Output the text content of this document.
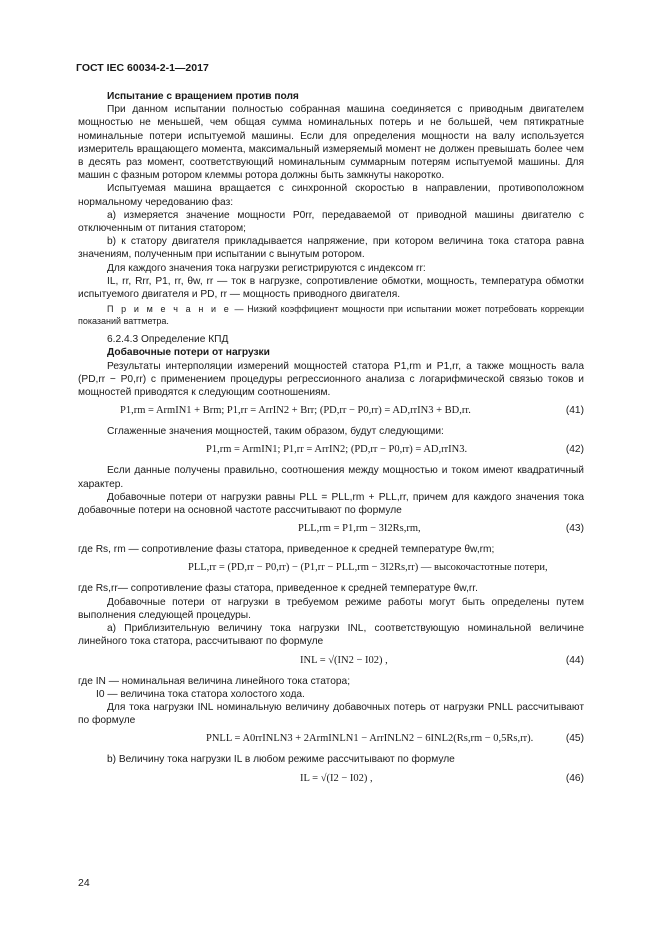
ГОСТ IEC 60034-2-1—2017

Испытание с вращением против поля

При данном испытании полностью собранная машина соединяется с приводным двигателем мощностью не меньшей, чем общая сумма номинальных потерь и не большей, чем пятикратные номинальные потери испытуемой машины. Если для определения мощности на валу используется измеритель вращающего момента, максимальный измеряемый момент не должен превышать более чем в десять раз момент, соответствующий номинальным суммарным потерям испытуемой машины. Для машин с фазным ротором клеммы ротора должны быть замкнуты накоротко.

Испытуемая машина вращается с синхронной скоростью в направлении, противоположном нормальному чередованию фаз:

а) измеряется значение мощности P0rr, передаваемой от приводной машины двигателю с отключенным от питания статором;

b) к статору двигателя прикладывается напряжение, при котором величина тока статора равна значениям, полученным при испытании с вынутым ротором.

Для каждого значения тока нагрузки регистрируются с индексом rr:

IL, rr, Rrr, P1, rr, θw, rr — ток в нагрузке, сопротивление обмотки, мощность, температура обмотки испытуемого двигателя и PD, rr — мощность приводного двигателя.

П р и м е ч а н и е — Низкий коэффициент мощности при испытании может потребовать коррекции показаний ваттметра.

6.2.4.3 Определение КПД

Добавочные потери от нагрузки

Результаты интерполяции измерений мощностей статора P1,rm и P1,rr, а также мощность вала (PD,rr − P0,rr) с применением процедуры регрессионного анализа с логарифмической связью токов и мощностей приводятся к следующим соотношениям.

P1,rm = ArmIN1 + Brm; P1,rr = ArrIN2 + Brr; (PD,rr − P0,rr) = AD,rrIN3 + BD,rr.	(41)

Сглаженные значения мощностей, таким образом, будут следующими:

P1,rm = ArmIN1; P1,rr = ArrIN2; (PD,rr − P0,rr) = AD,rrIN3.	(42)

Если данные получены правильно, соотношения между мощностью и током имеют квадратичный характер.

Добавочные потери от нагрузки равны PLL = PLL,rm + PLL,rr, причем для каждого значения тока добавочные потери на основной частоте рассчитывают по формуле

PLL,rm = P1,rm − 3I2Rs,rm,	(43)

где Rs, rm — сопротивление фазы статора, приведенное к средней температуре θw,rm;

PLL,rr = (PD,rr − P0,rr) − (P1,rr − PLL,rm − 3I2Rs,rr) — высокочастотные потери,

где Rs,rr— сопротивление фазы статора, приведенное к средней температуре θw,rr.

Добавочные потери от нагрузки в требуемом режиме работы могут быть определены путем выполнения следующей процедуры.

а) Приблизительную величину тока нагрузки INL, соответствующую номинальной величине линейного тока статора, рассчитывают по формуле

INL = √(IN2 − I02) ,	(44)

где IN — номинальная величина линейного тока статора;

I0 — величина тока статора холостого хода.

Для тока нагрузки INL номинальную величину добавочных потерь от нагрузки PNLL рассчитывают по формуле

PNLL = A0rrINLN3 + 2ArmINLN1 − ArrINLN2 − 6INL2(Rs,rm − 0,5Rs,rr).	(45)

b) Величину тока нагрузки IL в любом режиме рассчитывают по формуле

IL = √(I2 − I02) ,	(46)
24
